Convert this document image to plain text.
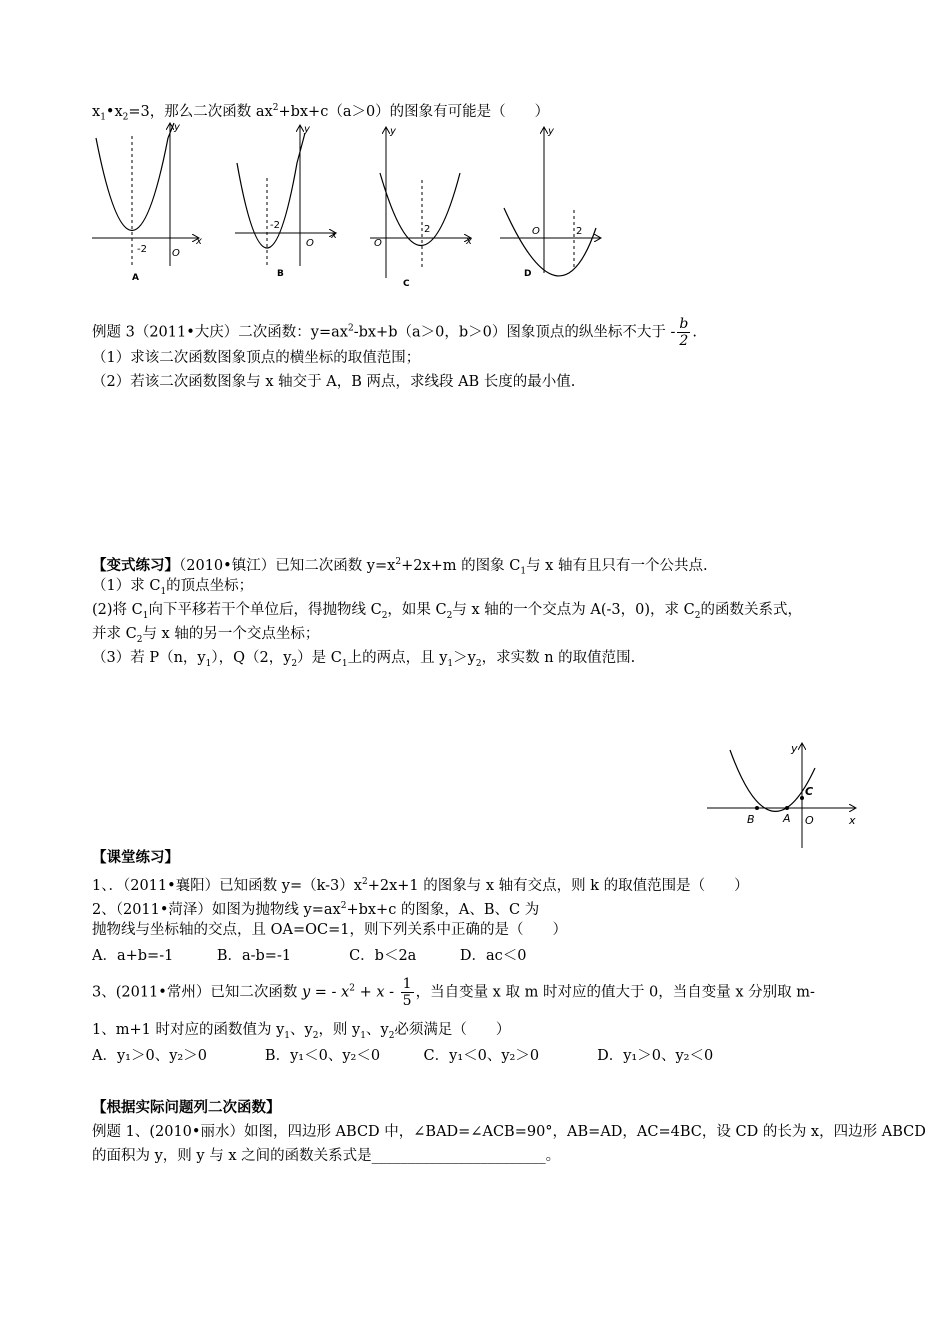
$x_1•x_2=3$，那么二次函数 $ax^2+bx+c(a>0)$的图象有可能是（　　）
-2	O
x
y
A
-2
O
x
y
B
2
O	x
y
C
2
O
y
D
例题 3（2011•大庆）二次函数：$y=ax^2-bx+b(a>0$，b＞0）图象顶点的纵坐标不大于 - $\frac{b}{2}$ .
（1）求该二次函数图象顶点的横坐标的取值范围；
（2）若该二次函数图象与 x 轴交于 A，B 两点，求线段 AB 长度的最小值.
【变式练习】（2010•镇江）已知二次函数 $y=x^2+2x+m$ 的图象 $C_1$与 x 轴有且只有一个公共点.
（1）求 $C_1$的顶点坐标；
(2)将 $C_1$向下平移若干个单位后，得抛物线 $C_2$，如果 $C_2$与 x 轴的一个交点为 A(-3，0)，求 $C_2$的函数关系式，
并求 $C_2$与 x 轴的另一个交点坐标；
（3）若 P（n，$y_1$），Q（2，$y_2$）是 $C_1$上的两点，且 $y_1>y_2$，求实数 n 的取值范围.
y
x
C
B	A O
【课堂练习】
1、．（2011•襄阳）已知函数 $y=(k-3)x^2+2x+1$ 的图象与 x 轴有交点，则 k 的取值范围是（　　）
2、（2011•菏泽）如图为抛物线 $y=ax^2+bx+c$ 的图象，A、B、C 为
抛物线与坐标轴的交点，且 OA=OC=1，则下列关系中正确的是（　　）
A．a+b=-1　　　B．a-b=-1　　　　C．b＜2a　　　D．ac＜0
3、(2011•常州）已知二次函数 y = - $x^2 + x - \frac{1}{5}$ ，当自变量 x 取 m 时对应的值大于 0，当自变量 x 分别取 m-
1、m+1 时对应的函数值为 $y_1$、$y_2$，则 $y_1$、$y_2$必须满足（　　）
A．y₁＞0、y₂＞0　　　　B．y₁＜0、y₂＜0　　　C．y₁＜0、y₂＞0　　　　D．y₁＞0、y₂＜0
【根据实际问题列二次函数】
例题 1、(2010•丽水）如图，四边形 ABCD 中，∠BAD=∠ACB=90°，AB=AD，AC=4BC，设 CD 的长为 x，四边形 ABCD
的面积为 y，则 y 与 x 之间的函数关系式是________________________。
